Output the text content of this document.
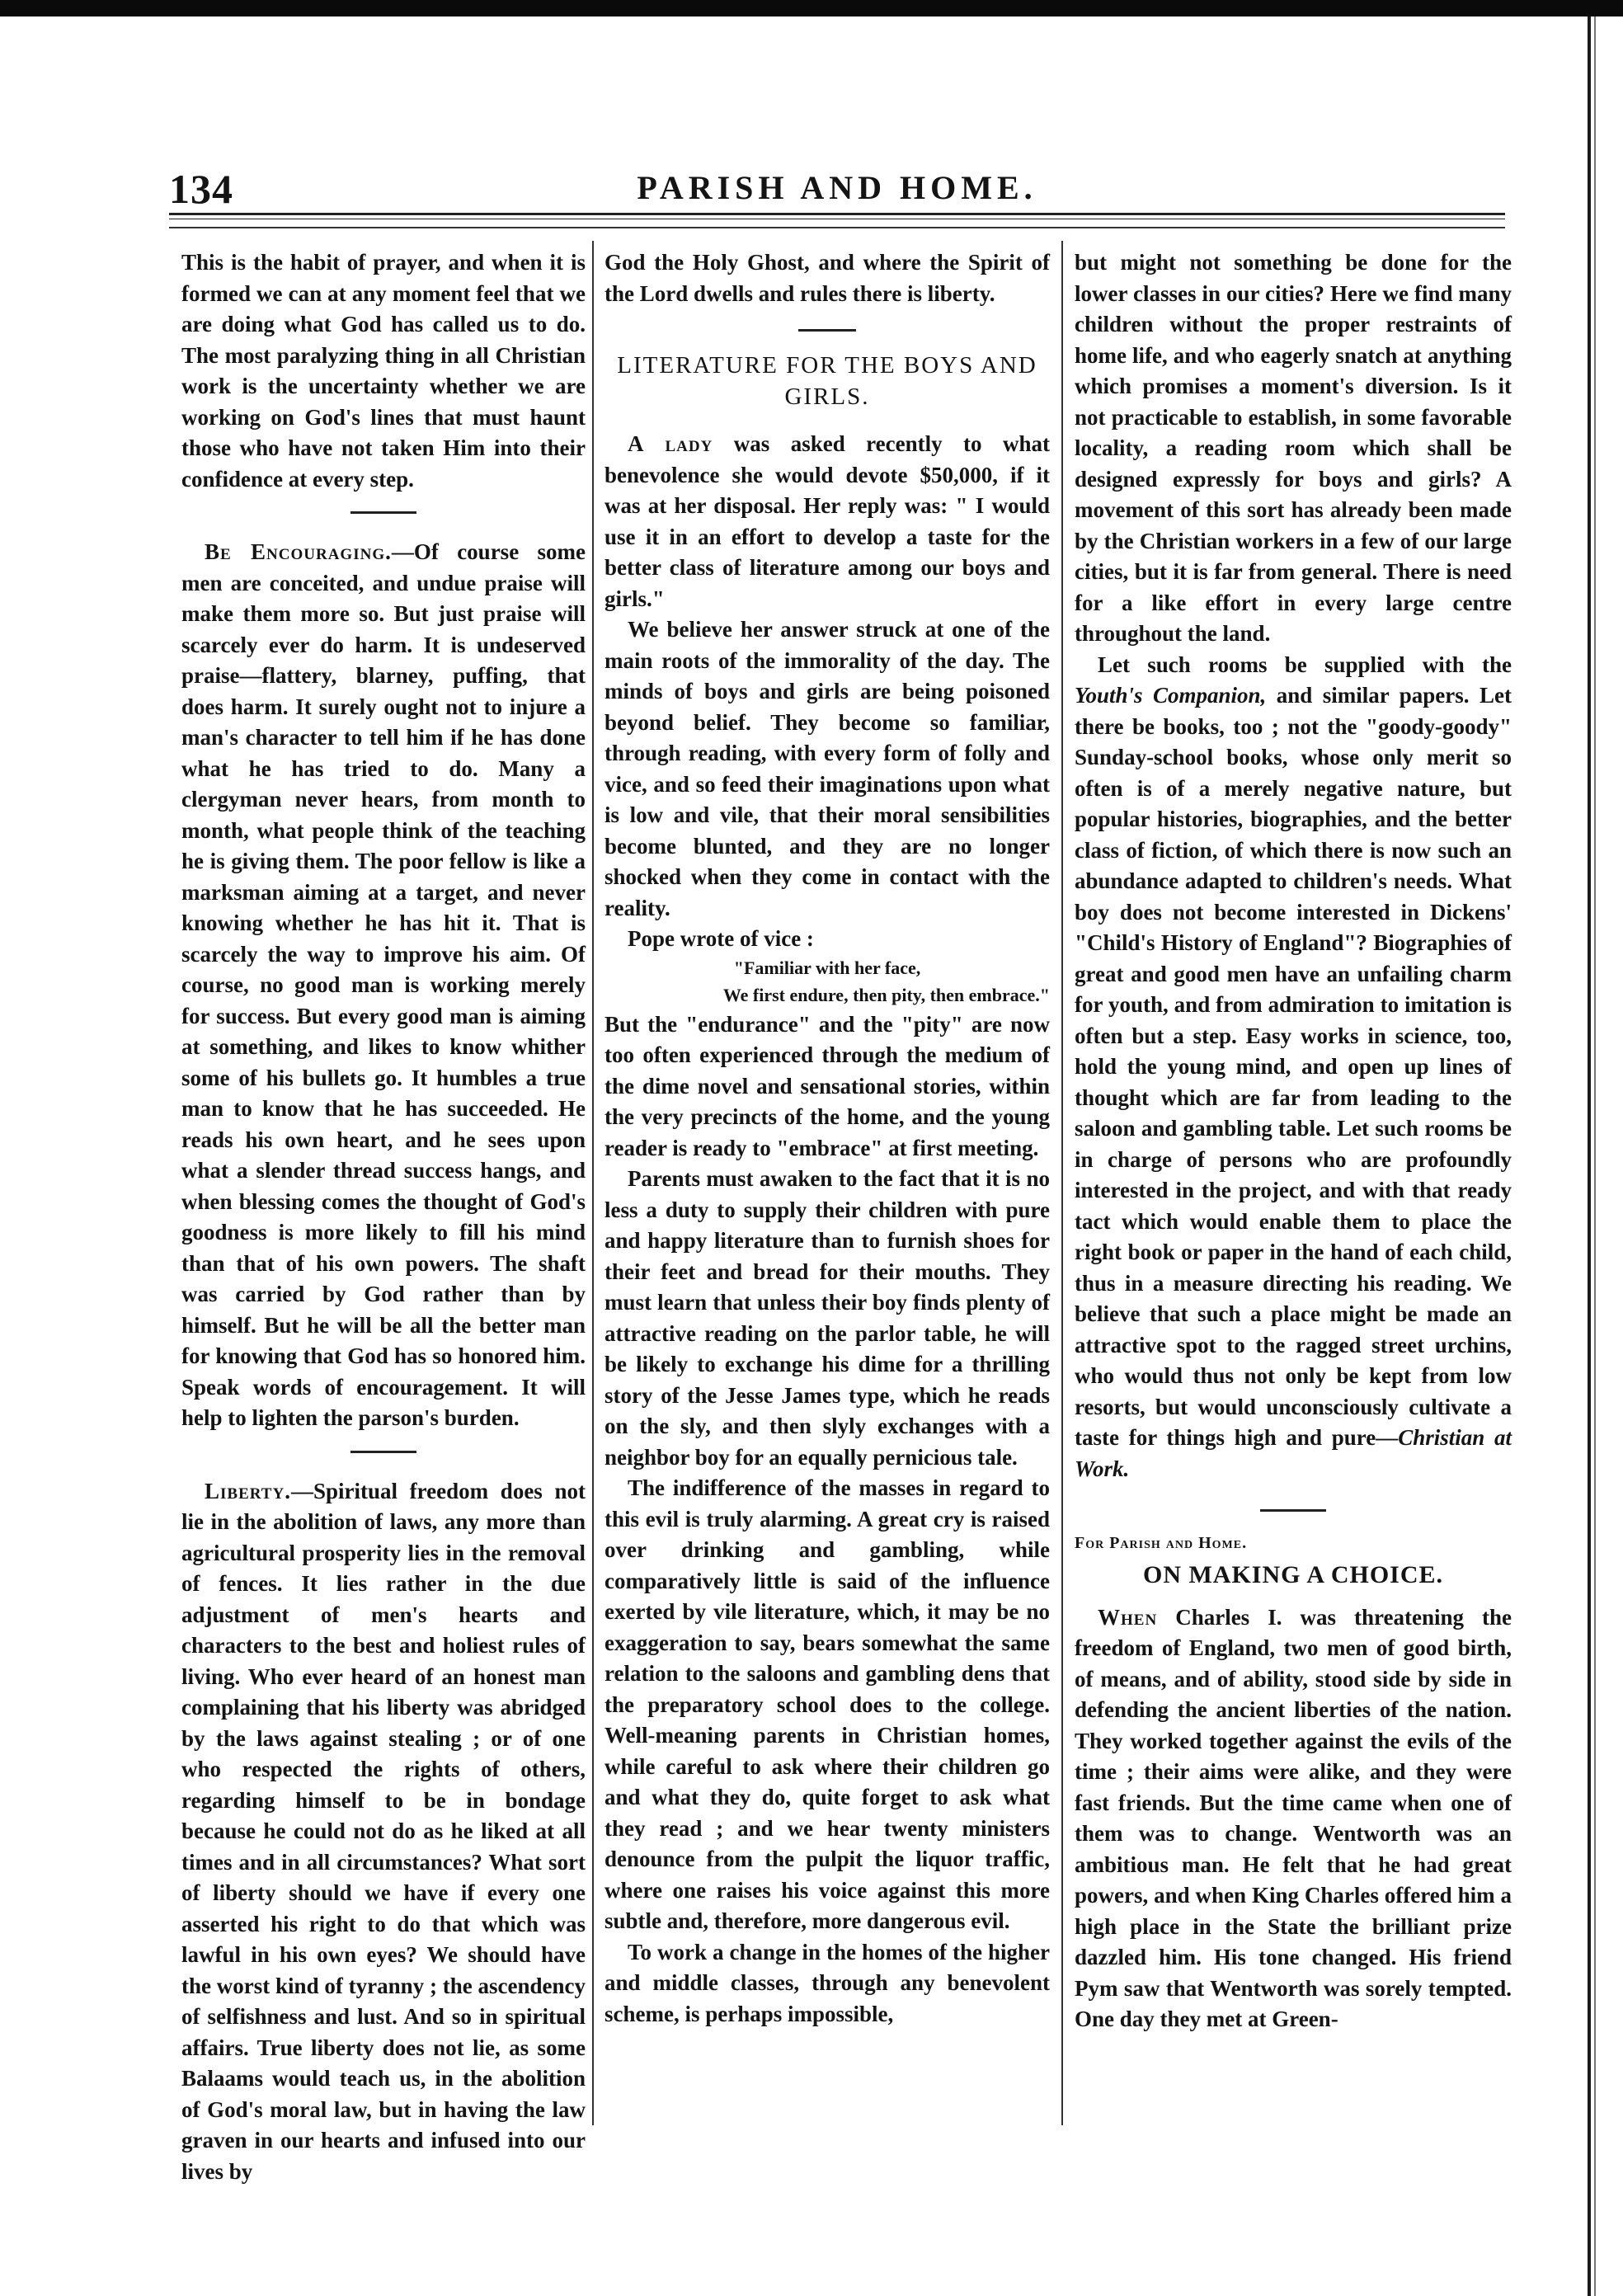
134	PARISH AND HOME.

This is the habit of prayer, and when it is formed we can at any moment feel that we are doing what God has called us to do. The most paralyzing thing in all Christian work is the uncertainty whether we are working on God's lines that must haunt those who have not taken Him into their confidence at every step.

Be Encouraging.—Of course some men are conceited, and undue praise will make them more so. But just praise will scarcely ever do harm. It is undeserved praise—flattery, blarney, puffing, that does harm. It surely ought not to injure a man's character to tell him if he has done what he has tried to do. Many a clergyman never hears, from month to month, what people think of the teaching he is giving them. The poor fellow is like a marksman aiming at a target, and never knowing whether he has hit it. That is scarcely the way to improve his aim. Of course, no good man is working merely for success. But every good man is aiming at something, and likes to know whither some of his bullets go. It humbles a true man to know that he has succeeded. He reads his own heart, and he sees upon what a slender thread success hangs, and when blessing comes the thought of God's goodness is more likely to fill his mind than that of his own powers. The shaft was carried by God rather than by himself. But he will be all the better man for knowing that God has so honored him. Speak words of encouragement. It will help to lighten the parson's burden.

Liberty.—Spiritual freedom does not lie in the abolition of laws, any more than agricultural prosperity lies in the removal of fences. It lies rather in the due adjustment of men's hearts and characters to the best and holiest rules of living. Who ever heard of an honest man complaining that his liberty was abridged by the laws against stealing ; or of one who respected the rights of others, regarding himself to be in bondage because he could not do as he liked at all times and in all circumstances? What sort of liberty should we have if every one asserted his right to do that which was lawful in his own eyes? We should have the worst kind of tyranny ; the ascendency of selfishness and lust. And so in spiritual affairs. True liberty does not lie, as some Balaams would teach us, in the abolition of God's moral law, but in having the law graven in our hearts and infused into our lives by

God the Holy Ghost, and where the Spirit of the Lord dwells and rules there is liberty.

LITERATURE FOR THE BOYS AND GIRLS.

A lady was asked recently to what benevolence she would devote $50,000, if it was at her disposal. Her reply was: " I would use it in an effort to develop a taste for the better class of literature among our boys and girls."

We believe her answer struck at one of the main roots of the immorality of the day. The minds of boys and girls are being poisoned beyond belief. They become so familiar, through reading, with every form of folly and vice, and so feed their imaginations upon what is low and vile, that their moral sensibilities become blunted, and they are no longer shocked when they come in contact with the reality.

Pope wrote of vice :

"Familiar with her face,
We first endure, then pity, then embrace."

But the "endurance" and the "pity" are now too often experienced through the medium of the dime novel and sensational stories, within the very precincts of the home, and the young reader is ready to "embrace" at first meeting.

Parents must awaken to the fact that it is no less a duty to supply their children with pure and happy literature than to furnish shoes for their feet and bread for their mouths. They must learn that unless their boy finds plenty of attractive reading on the parlor table, he will be likely to exchange his dime for a thrilling story of the Jesse James type, which he reads on the sly, and then slyly exchanges with a neighbor boy for an equally pernicious tale.

The indifference of the masses in regard to this evil is truly alarming. A great cry is raised over drinking and gambling, while comparatively little is said of the influence exerted by vile literature, which, it may be no exaggeration to say, bears somewhat the same relation to the saloons and gambling dens that the preparatory school does to the college. Well-meaning parents in Christian homes, while careful to ask where their children go and what they do, quite forget to ask what they read ; and we hear twenty ministers denounce from the pulpit the liquor traffic, where one raises his voice against this more subtle and, therefore, more dangerous evil.

To work a change in the homes of the higher and middle classes, through any benevolent scheme, is perhaps impossible,

but might not something be done for the lower classes in our cities? Here we find many children without the proper restraints of home life, and who eagerly snatch at anything which promises a moment's diversion. Is it not practicable to establish, in some favorable locality, a reading room which shall be designed expressly for boys and girls? A movement of this sort has already been made by the Christian workers in a few of our large cities, but it is far from general. There is need for a like effort in every large centre throughout the land.

Let such rooms be supplied with the Youth's Companion, and similar papers. Let there be books, too ; not the "goody-goody" Sunday-school books, whose only merit so often is of a merely negative nature, but popular histories, biographies, and the better class of fiction, of which there is now such an abundance adapted to children's needs. What boy does not become interested in Dickens' "Child's History of England"? Biographies of great and good men have an unfailing charm for youth, and from admiration to imitation is often but a step. Easy works in science, too, hold the young mind, and open up lines of thought which are far from leading to the saloon and gambling table. Let such rooms be in charge of persons who are profoundly interested in the project, and with that ready tact which would enable them to place the right book or paper in the hand of each child, thus in a measure directing his reading. We believe that such a place might be made an attractive spot to the ragged street urchins, who would thus not only be kept from low resorts, but would unconsciously cultivate a taste for things high and pure—Christian at Work.

For Parish and Home.
ON MAKING A CHOICE.

When Charles I. was threatening the freedom of England, two men of good birth, of means, and of ability, stood side by side in defending the ancient liberties of the nation. They worked together against the evils of the time ; their aims were alike, and they were fast friends. But the time came when one of them was to change. Wentworth was an ambitious man. He felt that he had great powers, and when King Charles offered him a high place in the State the brilliant prize dazzled him. His tone changed. His friend Pym saw that Wentworth was sorely tempted. One day they met at Green-
